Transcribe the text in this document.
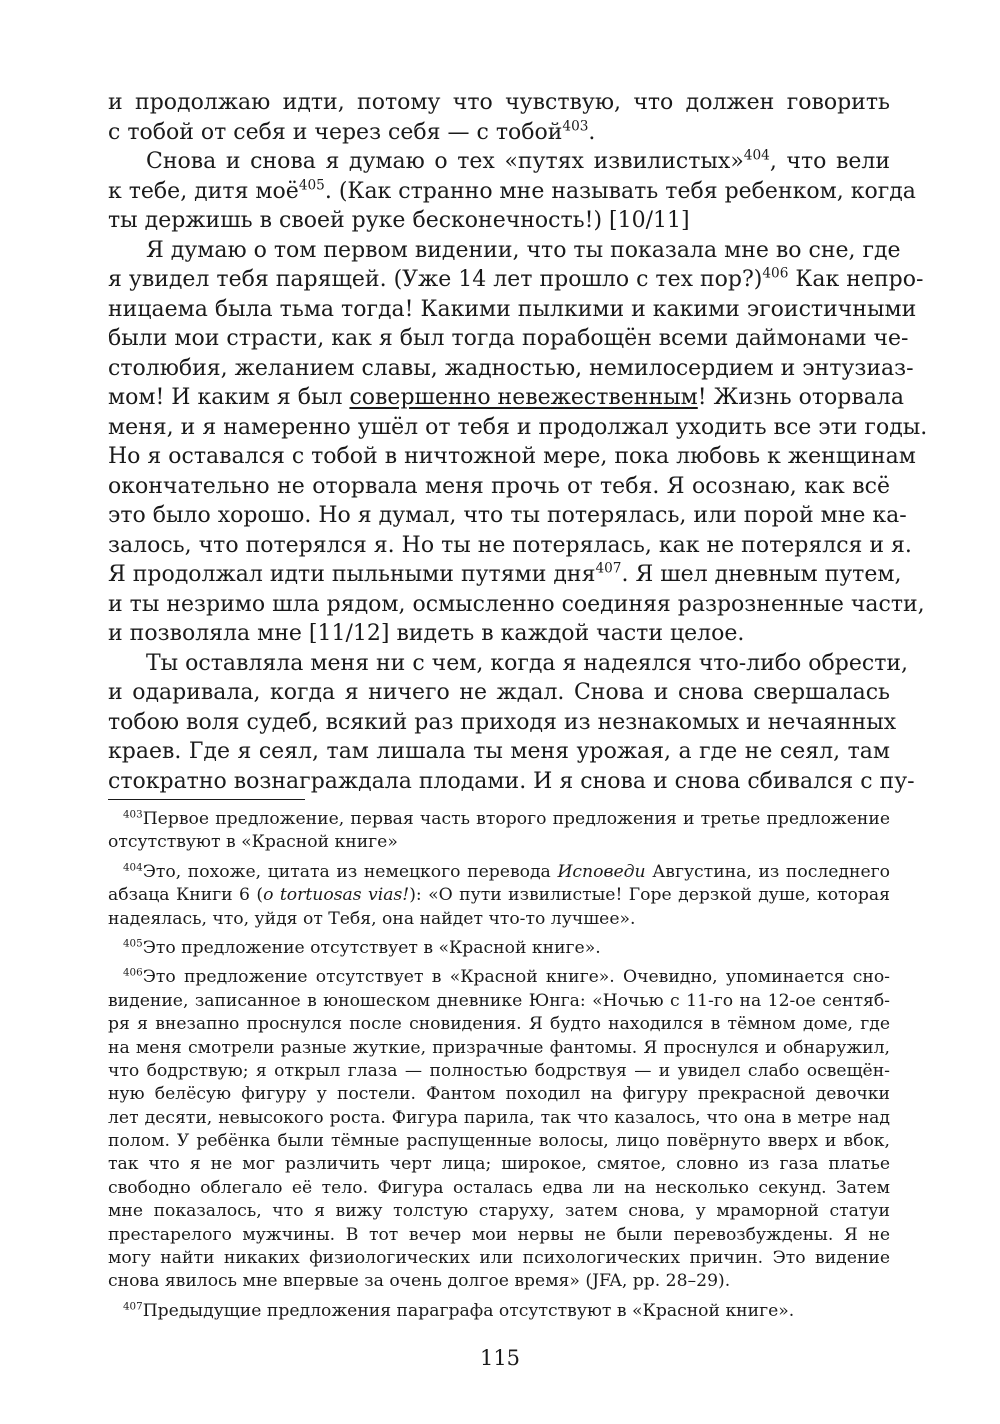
и продолжаю идти, потому что чувствую, что должен говорить
с тобой от себя и через себя — с тобой$^{403}$.
Снова и снова я думаю о тех «путях извилистых»$^{404}$, что вели
к тебе, дитя моё$^{405}$. (Как странно мне называть тебя ребенком, когда
ты держишь в своей руке бесконечность!) [10/11]
Я думаю о том первом видении, что ты показала мне во сне, где
я увидел тебя парящей. (Уже 14 лет прошло с тех пор?)$^{406}$ Как непро-
ницаема была тьма тогда! Какими пылкими и какими эгоистичными
были мои страсти, как я был тогда порабощён всеми даймонами че-
столюбия, желанием славы, жадностью, немилосердием и энтузиаз-
мом! И каким я был совершенно невежественным! Жизнь оторвала
меня, и я намеренно ушёл от тебя и продолжал уходить все эти годы.
Но я оставался с тобой в ничтожной мере, пока любовь к женщинам
окончательно не оторвала меня прочь от тебя. Я осознаю, как всё
это было хорошо. Но я думал, что ты потерялась, или порой мне ка-
залось, что потерялся я. Но ты не потерялась, как не потерялся и я.
Я продолжал идти пыльными путями дня$^{407}$. Я шел дневным путем,
и ты незримо шла рядом, осмысленно соединяя разрозненные части,
и позволяла мне [11/12] видеть в каждой части целое.
Ты оставляла меня ни с чем, когда я надеялся что-либо обрести,
и одаривала, когда я ничего не ждал. Снова и снова свершалась
тобою воля судеб, всякий раз приходя из незнакомых и нечаянных
краев. Где я сеял, там лишала ты меня урожая, а где не сеял, там
стократно вознаграждала плодами. И я снова и снова сбивался с пу-
$^{403}$Первое предложение, первая часть второго предложения и третье предложение
отсутствуют в «Красной книге»
$^{404}$Это, похоже, цитата из немецкого перевода Исповеди Августина, из последнего
абзаца Книги 6 (o tortuosas vias!): «О пути извилистые! Горе дерзкой душе, которая
надеялась, что, уйдя от Тебя, она найдет что-то лучшее».
$^{405}$Это предложение отсутствует в «Красной книге».
$^{406}$Это предложение отсутствует в «Красной книге». Очевидно, упоминается сно-
видение, записанное в юношеском дневнике Юнга: «Ночью с 11-го на 12-ое сентяб-
ря я внезапно проснулся после сновидения. Я будто находился в тёмном доме, где
на меня смотрели разные жуткие, призрачные фантомы. Я проснулся и обнаружил,
что бодрствую; я открыл глаза — полностью бодрствуя — и увидел слабо освещён-
ную белёсую фигуру у постели. Фантом походил на фигуру прекрасной девочки
лет десяти, невысокого роста. Фигура парила, так что казалось, что она в метре над
полом. У ребёнка были тёмные распущенные волосы, лицо повёрнуто вверх и вбок,
так что я не мог различить черт лица; широкое, смятое, словно из газа платье
свободно облегало её тело. Фигура осталась едва ли на несколько секунд. Затем
мне показалось, что я вижу толстую старуху, затем снова, у мраморной статуи
престарелого мужчины. В тот вечер мои нервы не были перевозбуждены. Я не
могу найти никаких физиологических или психологических причин. Это видение
снова явилось мне впервые за очень долгое время» (JFA, pp. 28–29).
$^{407}$Предыдущие предложения параграфа отсутствуют в «Красной книге».
115
